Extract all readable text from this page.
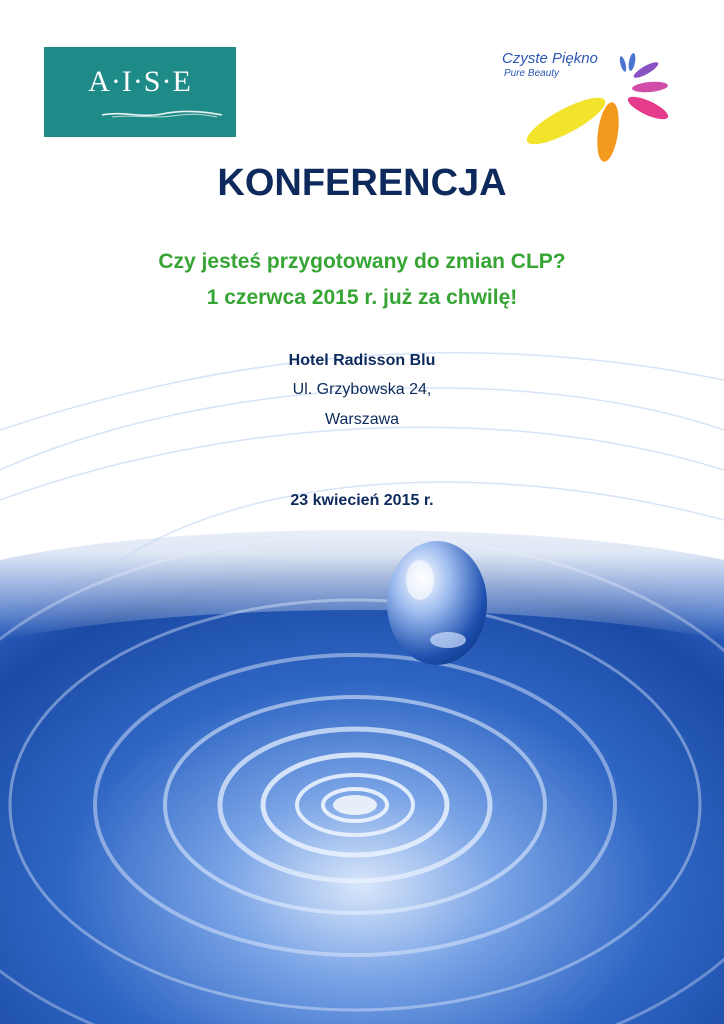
A·I·S·E
Czyste Piękno
Pure Beauty
KONFERENCJA
Czy jesteś przygotowany do zmian CLP?
1 czerwca 2015 r. już za chwilę!
Hotel Radisson Blu
Ul. Grzybowska 24,
Warszawa
23 kwiecień 2015 r.
